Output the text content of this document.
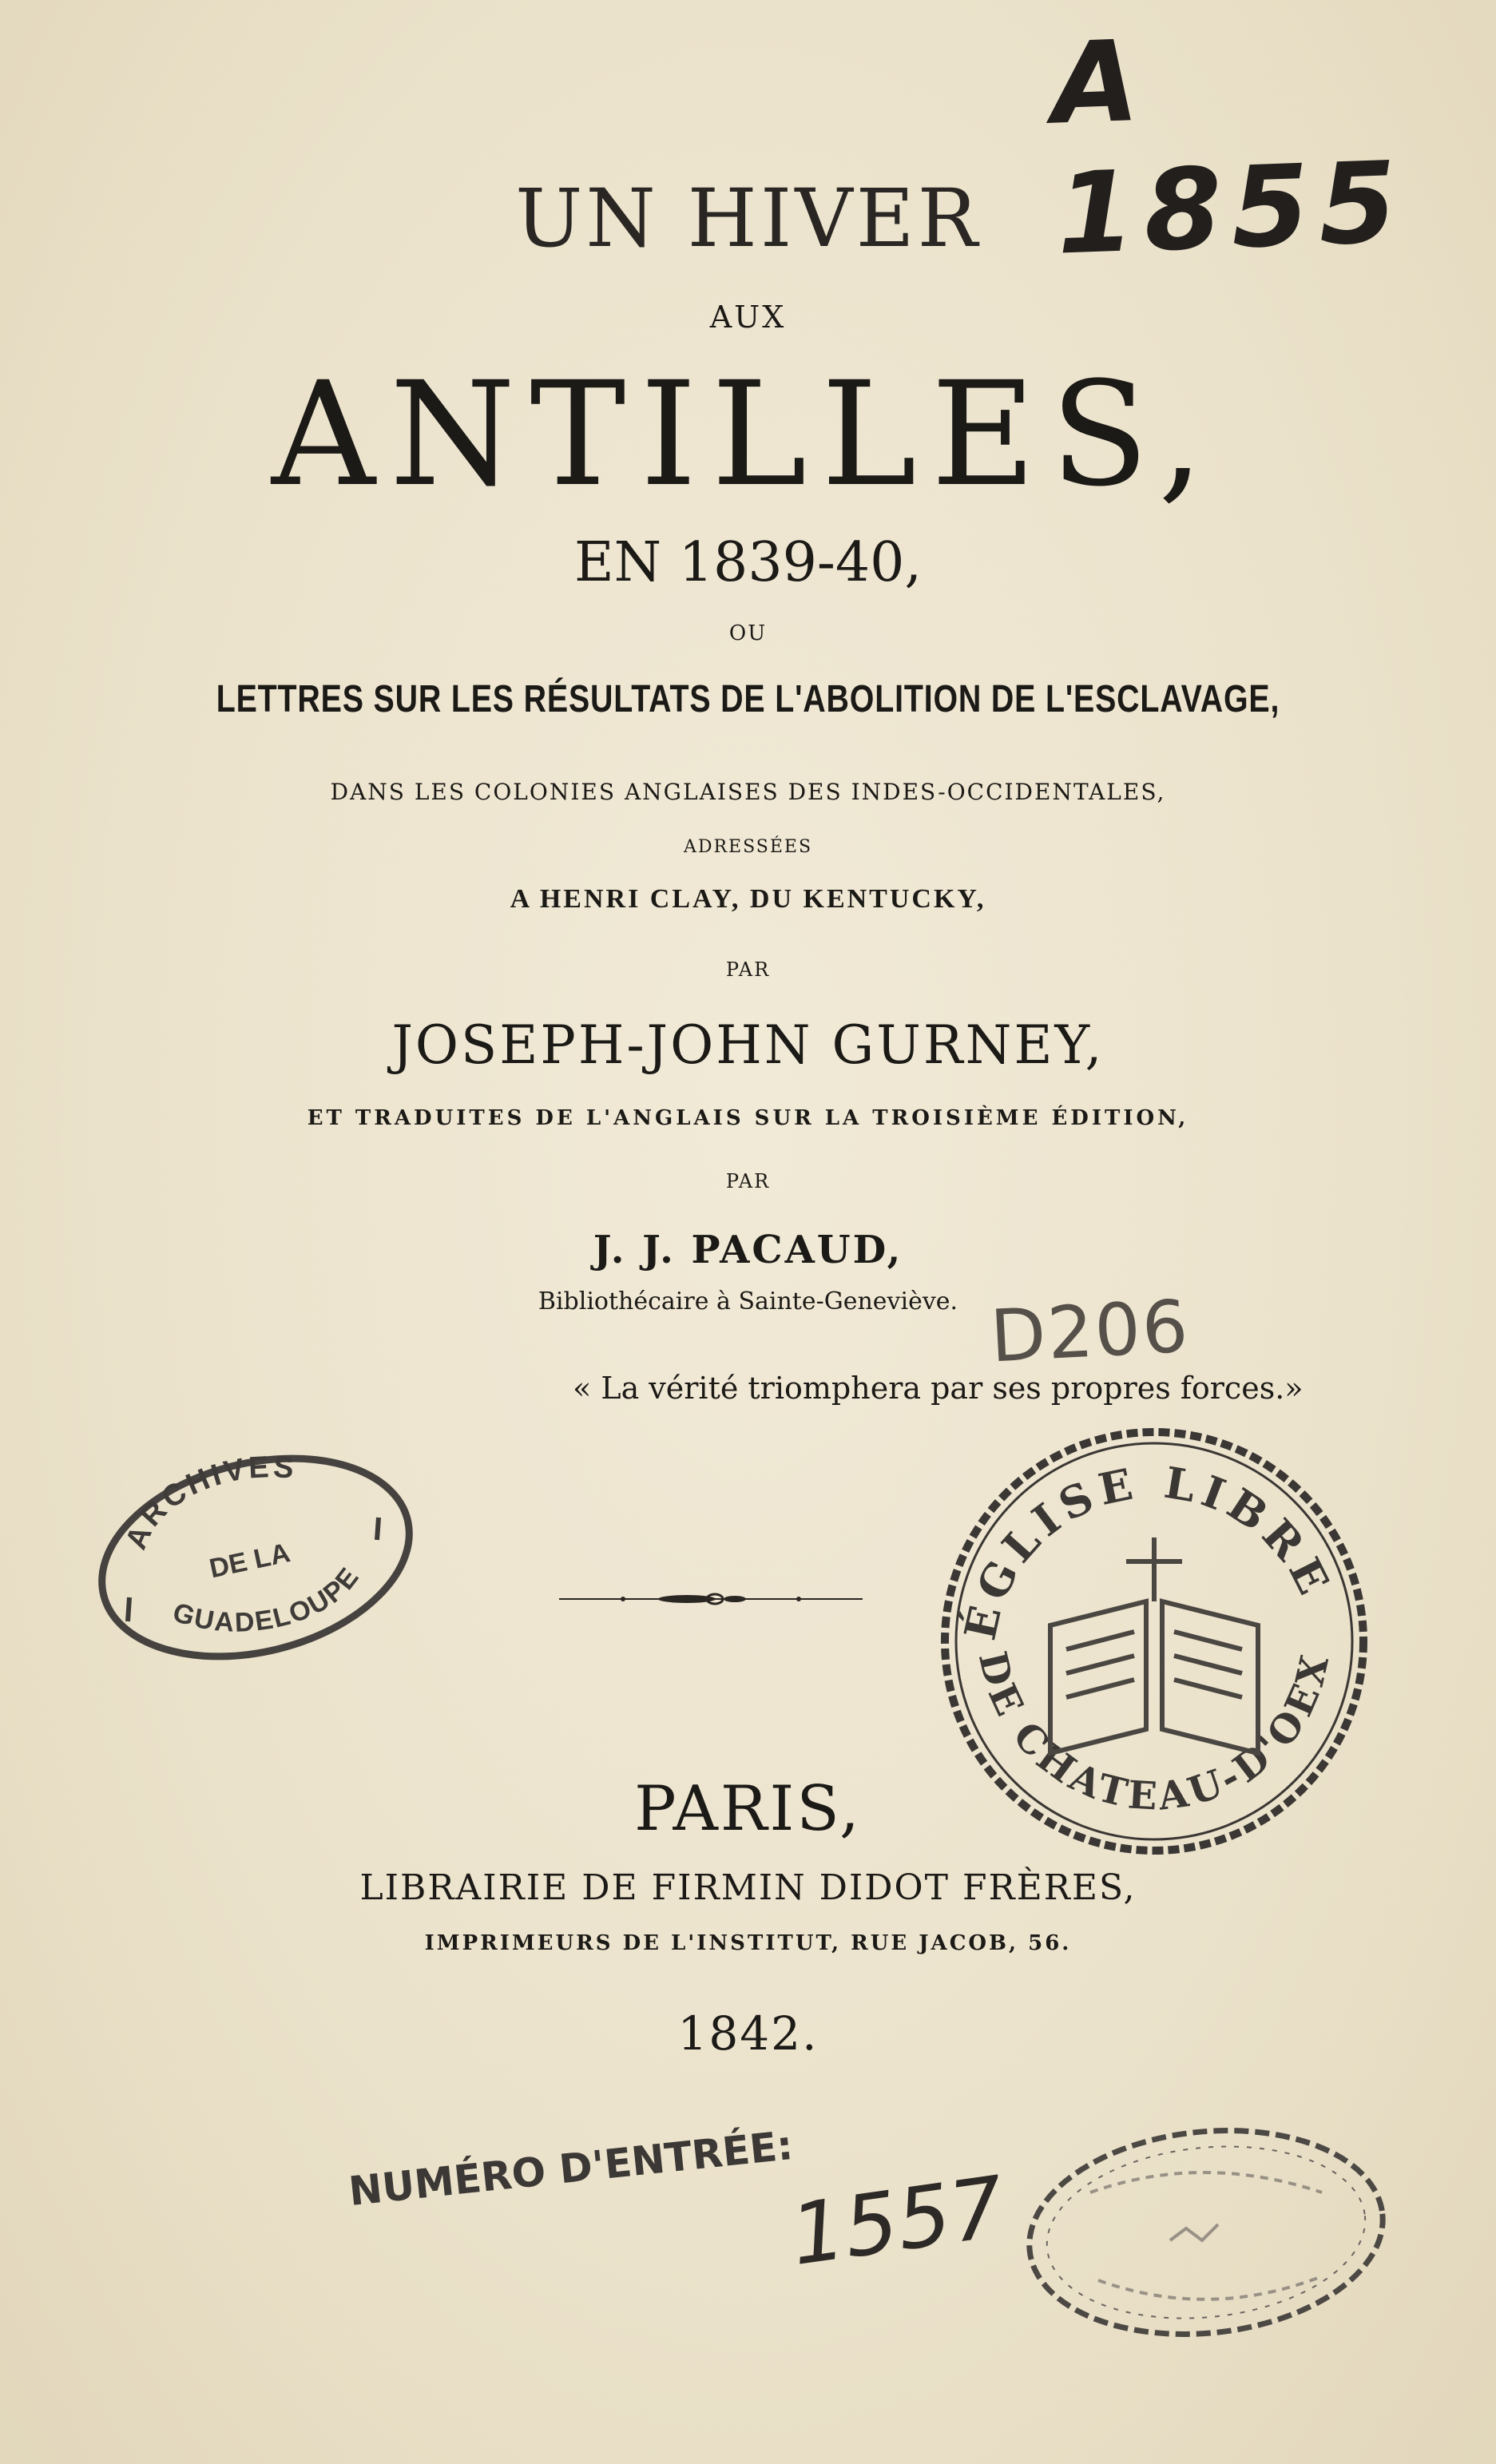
A 1855
UN HIVER
AUX
ANTILLES,
EN 1839-40,
OU
LETTRES SUR LES RÉSULTATS DE L'ABOLITION DE L'ESCLAVAGE,
DANS LES COLONIES ANGLAISES DES INDES-OCCIDENTALES,
ADRESSÉES
A HENRI CLAY, DU KENTUCKY,
PAR
JOSEPH-JOHN GURNEY,
ET TRADUITES DE L'ANGLAIS SUR LA TROISIÈME ÉDITION,
PAR
J. J. PACAUD,
Bibliothécaire à Sainte-Geneviève.
« La vérité triomphera par ses propres forces.»
D206
ARCHIVES
DE LA
GUADELOUPE
ÉGLISE LIBRE
DE CHATEAU-D'OEX
PARIS,
LIBRAIRIE DE FIRMIN DIDOT FRÈRES,
IMPRIMEURS DE L'INSTITUT, RUE JACOB, 56.
1842.
NUMÉRO D'ENTRÉE:
1557
